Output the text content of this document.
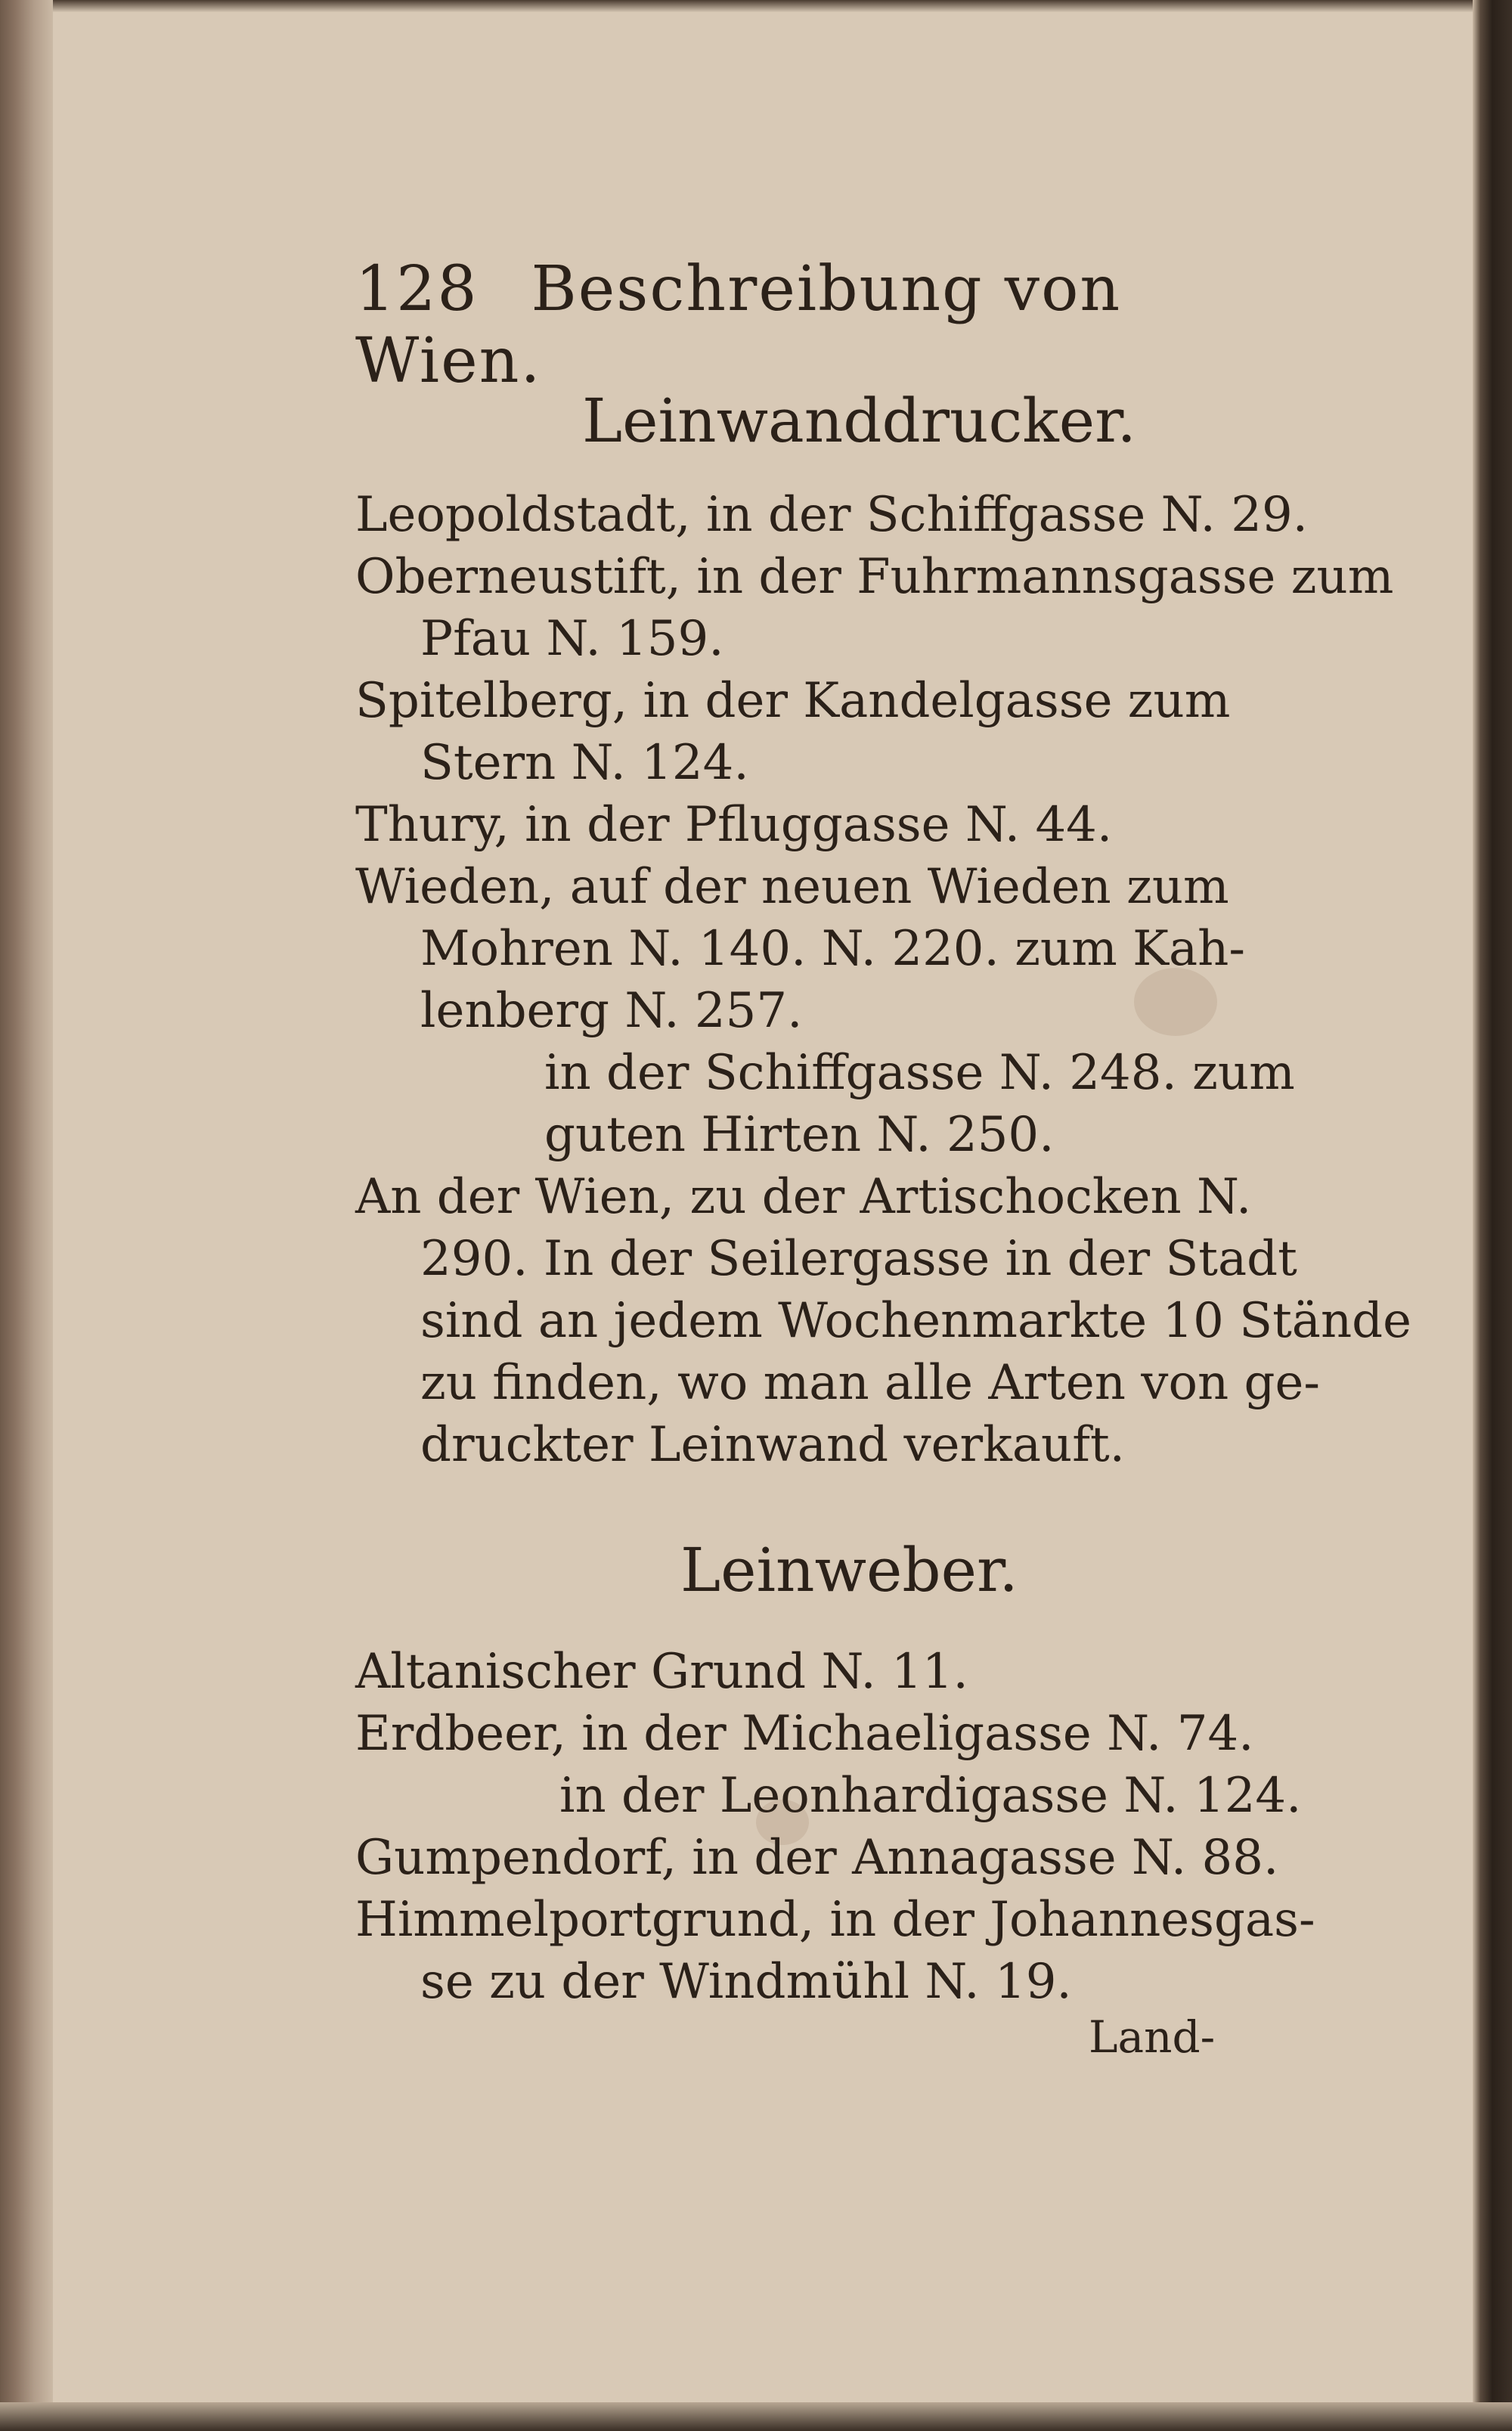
128 Beschreibung von Wien.
Leinwanddrucker.
Leopoldstadt, in der Schiffgasse N. 29.
Oberneustift, in der Fuhrmannsgasse zum
Pfau N. 159.
Spitelberg, in der Kandelgasse zum
Stern N. 124.
Thury, in der Pfluggasse N. 44.
Wieden, auf der neuen Wieden zum
Mohren N. 140. N. 220. zum Kah-
lenberg N. 257.
in der Schiffgasse N. 248. zum
guten Hirten N. 250.
An der Wien, zu der Artischocken N.
290. In der Seilergasse in der Stadt
sind an jedem Wochenmarkte 10 Stände
zu finden, wo man alle Arten von ge-
druckter Leinwand verkauft.
Leinweber.
Altanischer Grund N. 11.
Erdbeer, in der Michaeligasse N. 74.
in der Leonhardigasse N. 124.
Gumpendorf, in der Annagasse N. 88.
Himmelportgrund, in der Johannesgas-
se zu der Windmühl N. 19.
Land-
